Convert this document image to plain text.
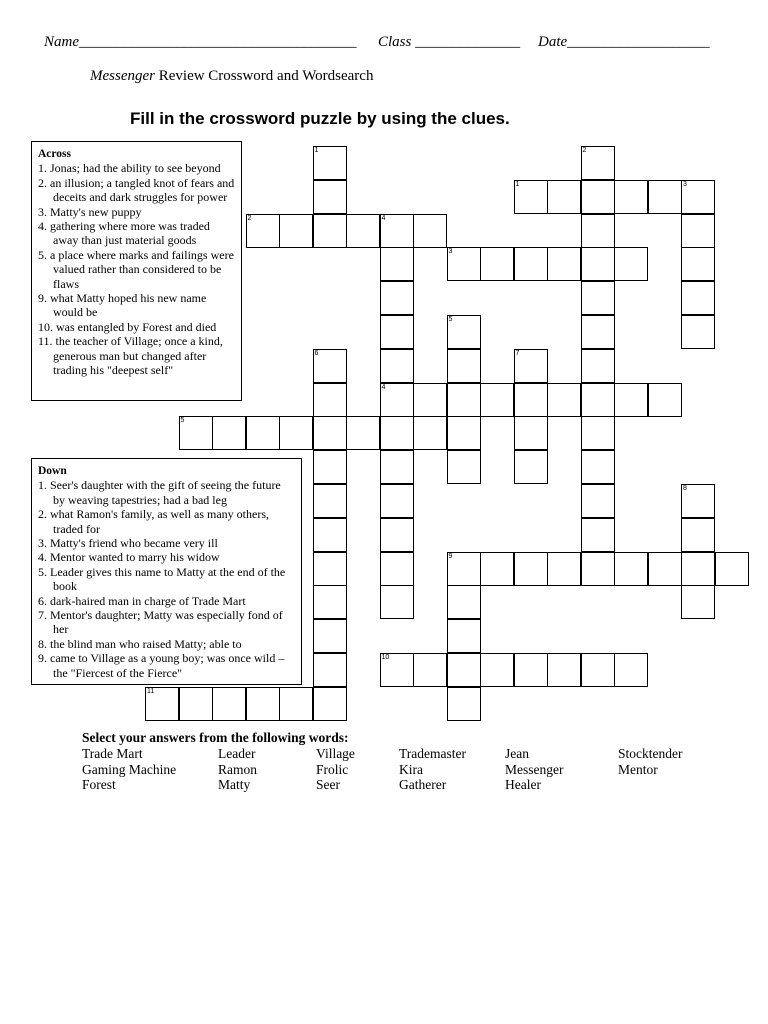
Name_____________________________________ Class ______________ Date___________________
Messenger Review Crossword and Wordsearch
Fill in the crossword puzzle by using the clues.
1	2
3
4
4
5
6	7
8
9
1
2
3
5
10
11
Across
1. Jonas; had the ability to see beyond
2. an illusion; a tangled knot of fears and deceits and dark struggles for power
3. Matty's new puppy
4. gathering where more was traded away than just material goods
5. a place where marks and failings were valued rather than considered to be flaws
9. what Matty hoped his new name would be
10. was entangled by Forest and died
11. the teacher of Village; once a kind, generous man but changed after trading his "deepest self"
Down
1. Seer's daughter with the gift of seeing the future by weaving tapestries; had a bad leg
2. what Ramon's family, as well as many others, traded for
3. Matty's friend who became very ill
4. Mentor wanted to marry his widow
5. Leader gives this name to Matty at the end of the book
6. dark-haired man in charge of Trade Mart
7. Mentor's daughter; Matty was especially fond of her
8. the blind man who raised Matty; able to
9. came to Village as a young boy; was once wild – the "Fiercest of the Fierce"
Select your answers from the following words:
Trade Mart
Gaming Machine
Forest
Leader
Ramon
Matty
Village
Frolic
Seer
Trademaster
Kira
Gatherer
Jean
Messenger
Healer
Stocktender
Mentor
